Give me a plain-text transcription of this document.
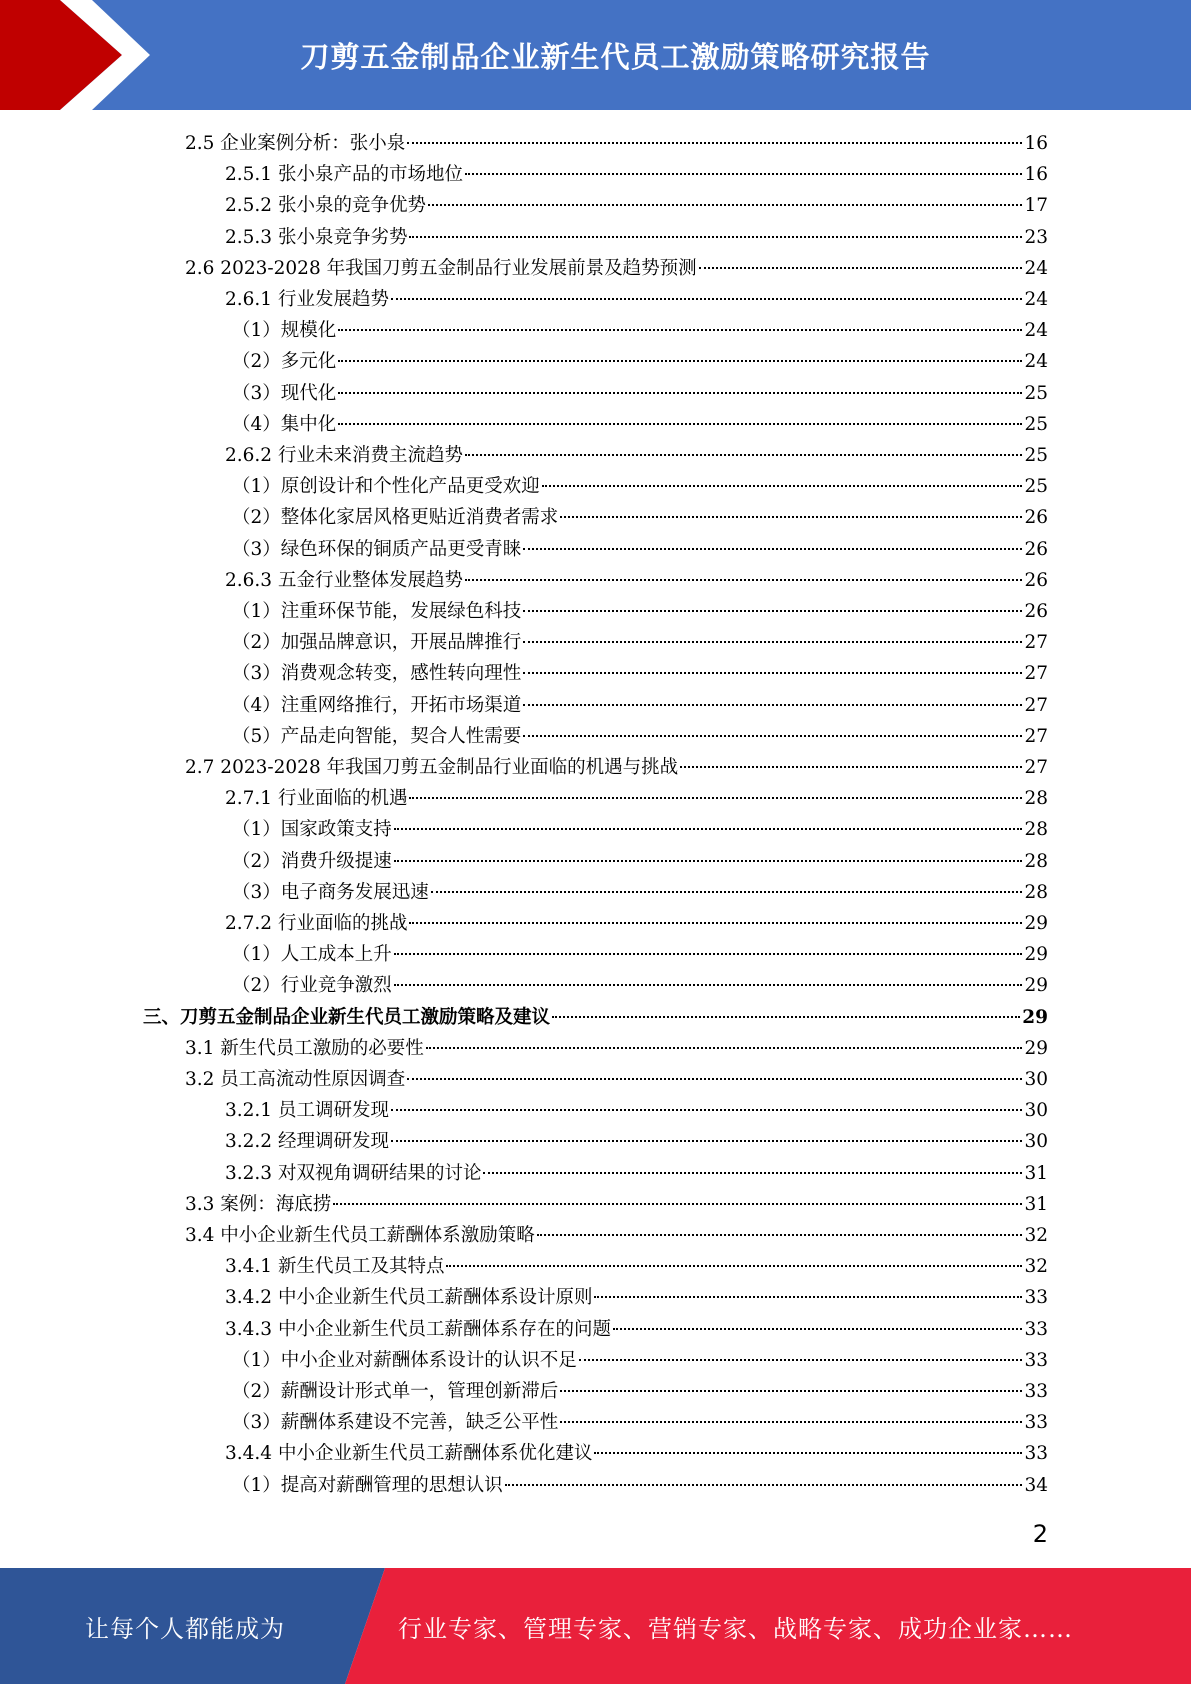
刀剪五金制品企业新生代员工激励策略研究报告
2.5 企业案例分析：张小泉	16
2.5.1 张小泉产品的市场地位	16
2.5.2 张小泉的竞争优势	17
2.5.3 张小泉竞争劣势	23
2.6 2023-2028 年我国刀剪五金制品行业发展前景及趋势预测	24
2.6.1 行业发展趋势	24
（1）规模化	24
（2）多元化	24
（3）现代化	25
（4）集中化	25
2.6.2 行业未来消费主流趋势	25
（1）原创设计和个性化产品更受欢迎	25
（2）整体化家居风格更贴近消费者需求	26
（3）绿色环保的铜质产品更受青睐	26
2.6.3 五金行业整体发展趋势	26
（1）注重环保节能，发展绿色科技	26
（2）加强品牌意识，开展品牌推行	27
（3）消费观念转变，感性转向理性	27
（4）注重网络推行，开拓市场渠道	27
（5）产品走向智能，契合人性需要	27
2.7 2023-2028 年我国刀剪五金制品行业面临的机遇与挑战	27
2.7.1 行业面临的机遇	28
（1）国家政策支持	28
（2）消费升级提速	28
（3）电子商务发展迅速	28
2.7.2 行业面临的挑战	29
（1）人工成本上升	29
（2）行业竞争激烈	29
三、刀剪五金制品企业新生代员工激励策略及建议	29
3.1 新生代员工激励的必要性	29
3.2 员工高流动性原因调查	30
3.2.1 员工调研发现	30
3.2.2 经理调研发现	30
3.2.3 对双视角调研结果的讨论	31
3.3 案例：海底捞	31
3.4 中小企业新生代员工薪酬体系激励策略	32
3.4.1 新生代员工及其特点	32
3.4.2 中小企业新生代员工薪酬体系设计原则	33
3.4.3 中小企业新生代员工薪酬体系存在的问题	33
（1）中小企业对薪酬体系设计的认识不足	33
（2）薪酬设计形式单一，管理创新滞后	33
（3）薪酬体系建设不完善，缺乏公平性	33
3.4.4 中小企业新生代员工薪酬体系优化建议	33
（1）提高对薪酬管理的思想认识	34
2
让每个人都能成为	行业专家、管理专家、营销专家、战略专家、成功企业家……
